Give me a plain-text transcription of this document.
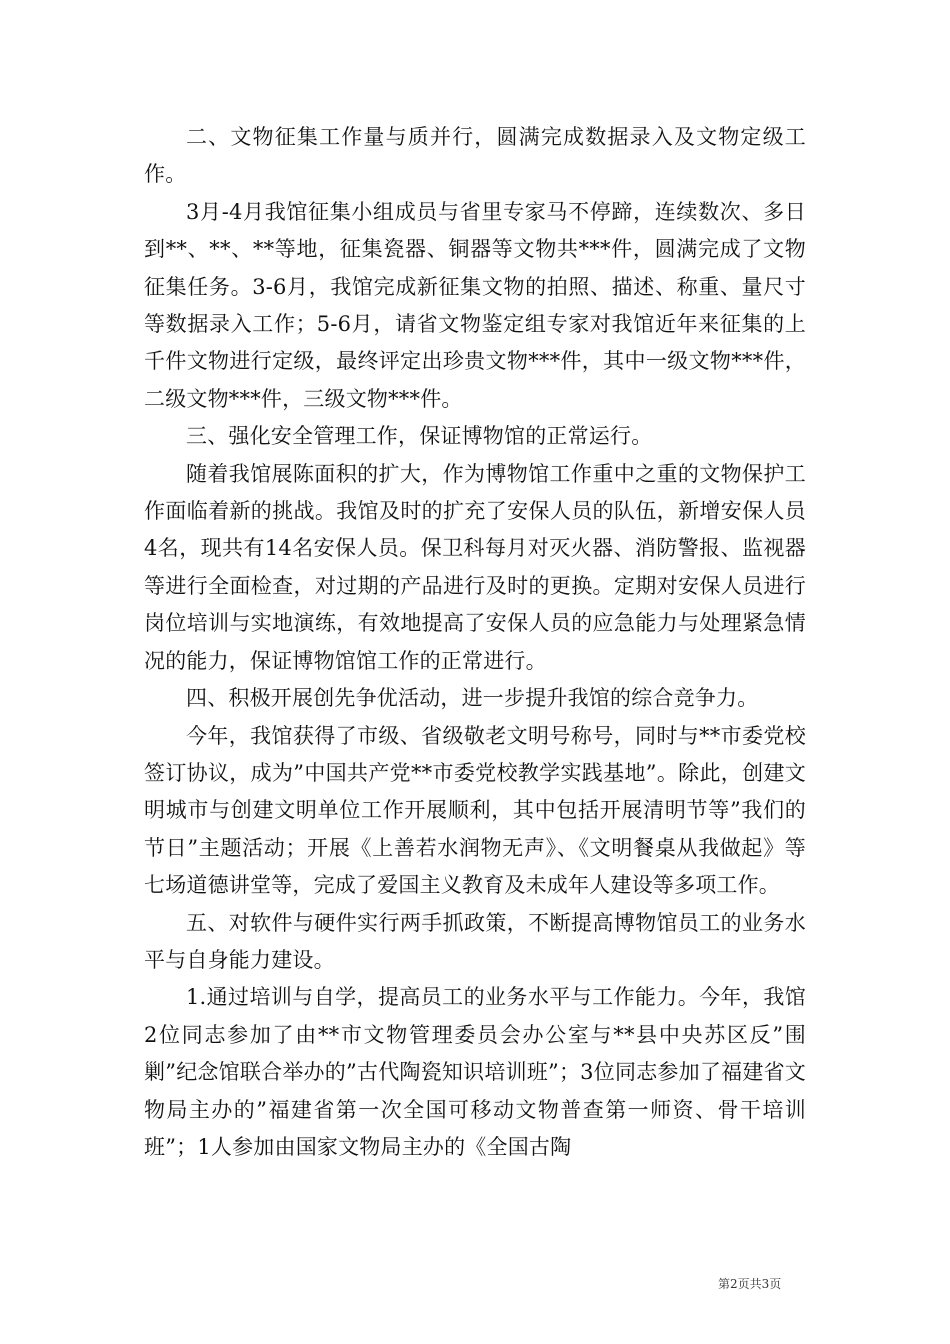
二、文物征集工作量与质并行，圆满完成数据录入及文物定级工作。

3月-4月我馆征集小组成员与省里专家马不停蹄，连续数次、多日到**、**、**等地，征集瓷器、铜器等文物共***件，圆满完成了文物征集任务。3-6月，我馆完成新征集文物的拍照、描述、称重、量尺寸等数据录入工作；5-6月，请省文物鉴定组专家对我馆近年来征集的上千件文物进行定级，最终评定出珍贵文物***件，其中一级文物***件，二级文物***件，三级文物***件。

三、强化安全管理工作，保证博物馆的正常运行。

随着我馆展陈面积的扩大，作为博物馆工作重中之重的文物保护工作面临着新的挑战。我馆及时的扩充了安保人员的队伍，新增安保人员4名，现共有14名安保人员。保卫科每月对灭火器、消防警报、监视器等进行全面检查，对过期的产品进行及时的更换。定期对安保人员进行岗位培训与实地演练，有效地提高了安保人员的应急能力与处理紧急情况的能力，保证博物馆馆工作的正常进行。

四、积极开展创先争优活动，进一步提升我馆的综合竞争力。

今年，我馆获得了市级、省级敬老文明号称号，同时与**市委党校签订协议，成为”中国共产党**市委党校教学实践基地”。除此，创建文明城市与创建文明单位工作开展顺利，其中包括开展清明节等”我们的节日”主题活动；开展《上善若水润物无声》、《文明餐桌从我做起》等七场道德讲堂等，完成了爱国主义教育及未成年人建设等多项工作。

五、对软件与硬件实行两手抓政策，不断提高博物馆员工的业务水平与自身能力建设。

1.通过培训与自学，提高员工的业务水平与工作能力。今年，我馆2位同志参加了由**市文物管理委员会办公室与**县中央苏区反”围剿”纪念馆联合举办的”古代陶瓷知识培训班”；3位同志参加了福建省文物局主办的”福建省第一次全国可移动文物普查第一师资、骨干培训班”；1人参加由国家文物局主办的《全国古陶

第2页共3页
